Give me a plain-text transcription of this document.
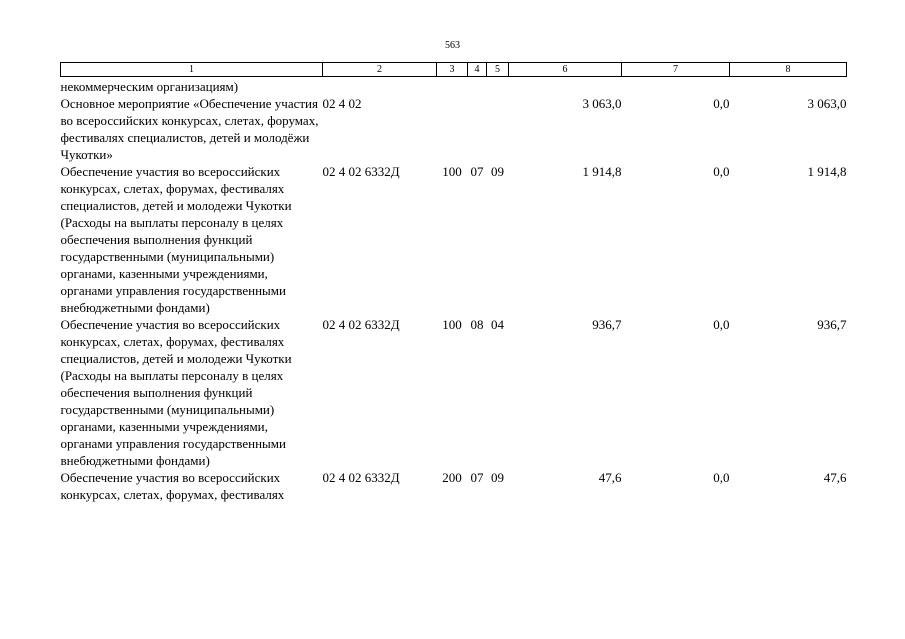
563
1	2	3	4	5	6	7	8
некоммерческим организациям)							
Основное мероприятие «Обеспечение участия во всероссийских конкурсах, слетах, форумах, фестивалях специалистов, детей и молодёжи Чукотки»	02 4 02				3 063,0	0,0	3 063,0
Обеспечение участия во всероссийских конкурсах, слетах, форумах, фестивалях специалистов, детей и молодежи Чукотки (Расходы на выплаты персоналу в целях обеспечения выполнения функций государственными (муниципальными) органами, казенными учреждениями, органами управления государственными внебюджетными фондами)	02 4 02 6332Д	100	07	09	1 914,8	0,0	1 914,8
Обеспечение участия во всероссийских конкурсах, слетах, форумах, фестивалях специалистов, детей и молодежи Чукотки (Расходы на выплаты персоналу в целях обеспечения выполнения функций государственными (муниципальными) органами, казенными учреждениями, органами управления государственными внебюджетными фондами)	02 4 02 6332Д	100	08	04	936,7	0,0	936,7
Обеспечение участия во всероссийских конкурсах, слетах, форумах, фестивалях	02 4 02 6332Д	200	07	09	47,6	0,0	47,6
